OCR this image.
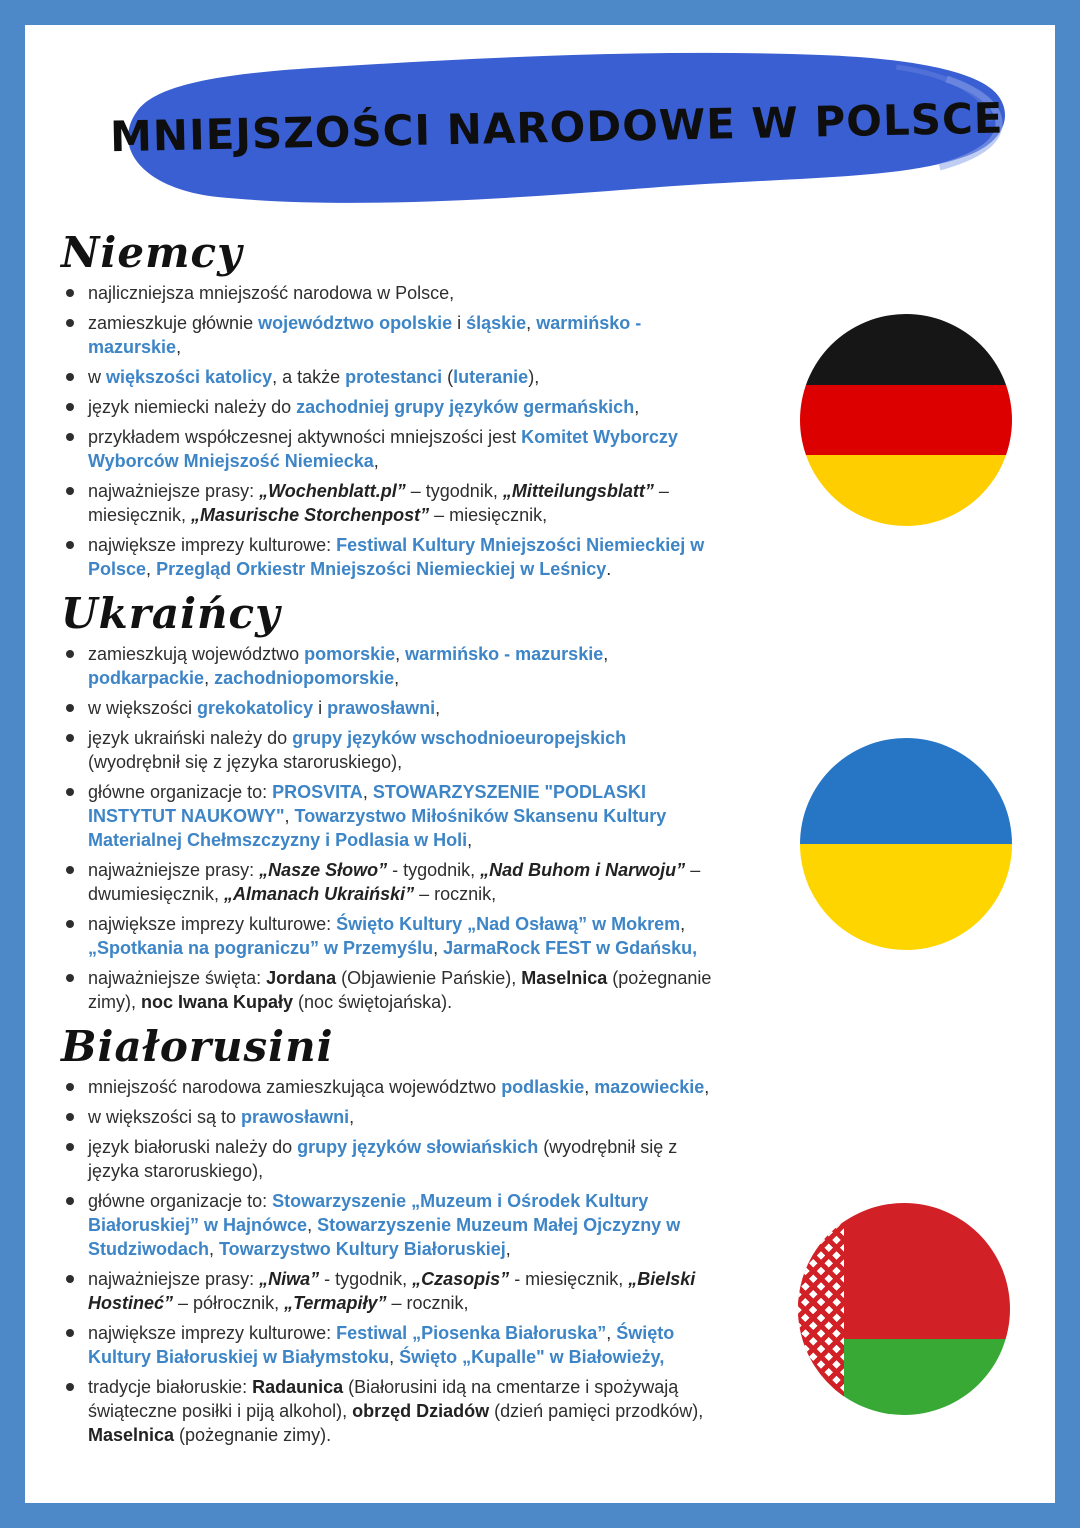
MNIEJSZOŚCI NARODOWE W POLSCE
Niemcy
najliczniejsza mniejszość narodowa w Polsce,
zamieszkuje głównie województwo opolskie i śląskie, warmińsko - mazurskie,
w większości katolicy, a także protestanci (luteranie),
język niemiecki należy do zachodniej grupy języków germańskich,
przykładem współczesnej aktywności mniejszości jest Komitet Wyborczy Wyborców Mniejszość Niemiecka,
najważniejsze prasy: „Wochenblatt.pl” – tygodnik, „Mitteilungsblatt” – miesięcznik, „Masurische Storchenpost” – miesięcznik,
największe imprezy kulturowe: Festiwal Kultury Mniejszości Niemieckiej w Polsce, Przegląd Orkiestr Mniejszości Niemieckiej w Leśnicy.
Ukraińcy
zamieszkują województwo pomorskie, warmińsko - mazurskie, podkarpackie, zachodniopomorskie,
w większości grekokatolicy i prawosławni,
język ukraiński należy do grupy języków wschodnioeuropejskich (wyodrębnił się z języka staroruskiego),
główne organizacje to: PROSVITA, STOWARZYSZENIE "PODLASKI INSTYTUT NAUKOWY", Towarzystwo Miłośników Skansenu Kultury Materialnej Chełmszczyzny i Podlasia w Holi,
najważniejsze prasy: „Nasze Słowo” - tygodnik, „Nad Buhom i Narwoju” – dwumiesięcznik, „Almanach Ukraiński” – rocznik,
największe imprezy kulturowe: Święto Kultury „Nad Osławą” w Mokrem, „Spotkania na pograniczu” w Przemyślu, JarmaRock FEST w Gdańsku,
najważniejsze święta: Jordana (Objawienie Pańskie), Maselnica (pożegnanie zimy), noc Iwana Kupały (noc świętojańska).
Białorusini
mniejszość narodowa zamieszkująca województwo podlaskie, mazowieckie,
w większości są to prawosławni,
język białoruski należy do grupy języków słowiańskich (wyodrębnił się z języka staroruskiego),
główne organizacje to: Stowarzyszenie „Muzeum i Ośrodek Kultury Białoruskiej” w Hajnówce, Stowarzyszenie Muzeum Małej Ojczyzny w Studziwodach, Towarzystwo Kultury Białoruskiej,
najważniejsze prasy: „Niwa” - tygodnik, „Czasopis” - miesięcznik, „Bielski Hostineć” – półrocznik, „Termapiły” – rocznik,
największe imprezy kulturowe: Festiwal „Piosenka Białoruska”, Święto Kultury Białoruskiej w Białymstoku, Święto „Kupalle" w Białowieży,
tradycje białoruskie: Radaunica (Białorusini idą na cmentarze i spożywają świąteczne posiłki i piją alkohol), obrzęd Dziadów (dzień pamięci przodków), Maselnica (pożegnanie zimy).
